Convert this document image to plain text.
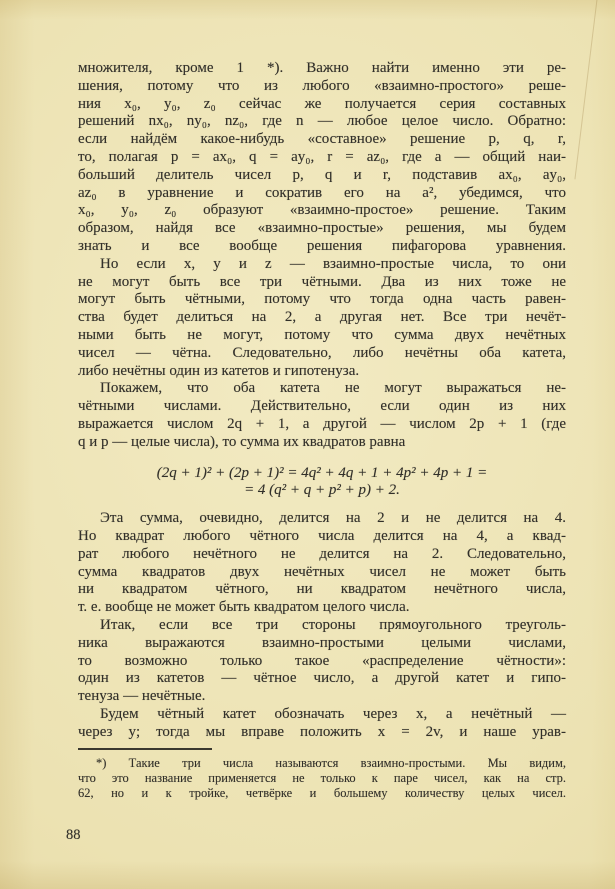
множителя, кроме 1 *). Важно найти именно эти ре-
шения, потому что из любого «взаимно-простого» реше-
ния x₀, y₀, z₀ сейчас же получается серия составных
решений nx₀, ny₀, nz₀, где n — любое целое число. Обратно:
если найдём какое-нибудь «составное» решение p, q, r,
то, полагая p = ax₀, q = ay₀, r = az₀, где a — общий наи-
больший делитель чисел p, q и r, подставив ax₀, ay₀,
az₀ в уравнение и сократив его на a², убедимся, что
x₀, y₀, z₀ образуют «взаимно-простое» решение. Таким
образом, найдя все «взаимно-простые» решения, мы будем
знать и все вообще решения пифагорова уравнения.
Но если x, y и z — взаимно-простые числа, то они
не могут быть все три чётными. Два из них тоже не
могут быть чётными, потому что тогда одна часть равен-
ства будет делиться на 2, а другая нет. Все три нечёт-
ными быть не могут, потому что сумма двух нечётных
чисел — чётна. Следовательно, либо нечётны оба катета,
либо нечётны один из катетов и гипотенуза.
Покажем, что оба катета не могут выражаться не-
чётными числами. Действительно, если один из них
выражается числом 2q + 1, а другой — числом 2p + 1 (где
q и p — целые числа), то сумма их квадратов равна
(2q + 1)² + (2p + 1)² = 4q² + 4q + 1 + 4p² + 4p + 1 =
= 4 (q² + q + p² + p) + 2.
Эта сумма, очевидно, делится на 2 и не делится на 4.
Но квадрат любого чётного числа делится на 4, а квад-
рат любого нечётного не делится на 2. Следовательно,
сумма квадратов двух нечётных чисел не может быть
ни квадратом чётного, ни квадратом нечётного числа,
т. е. вообще не может быть квадратом целого числа.
Итак, если все три стороны прямоугольного треуголь-
ника выражаются взаимно-простыми целыми числами,
то возможно только такое «распределение чётности»:
один из катетов — чётное число, а другой катет и гипо-
тенуза — нечётные.
Будем чётный катет обозначать через x, а нечётный —
через y; тогда мы вправе положить x = 2v, и наше урав-
*) Такие три числа называются взаимно-простыми. Мы видим,
что это название применяется не только к паре чисел, как на стр.
62, но и к тройке, четвёрке и большему количеству целых чисел.
88
